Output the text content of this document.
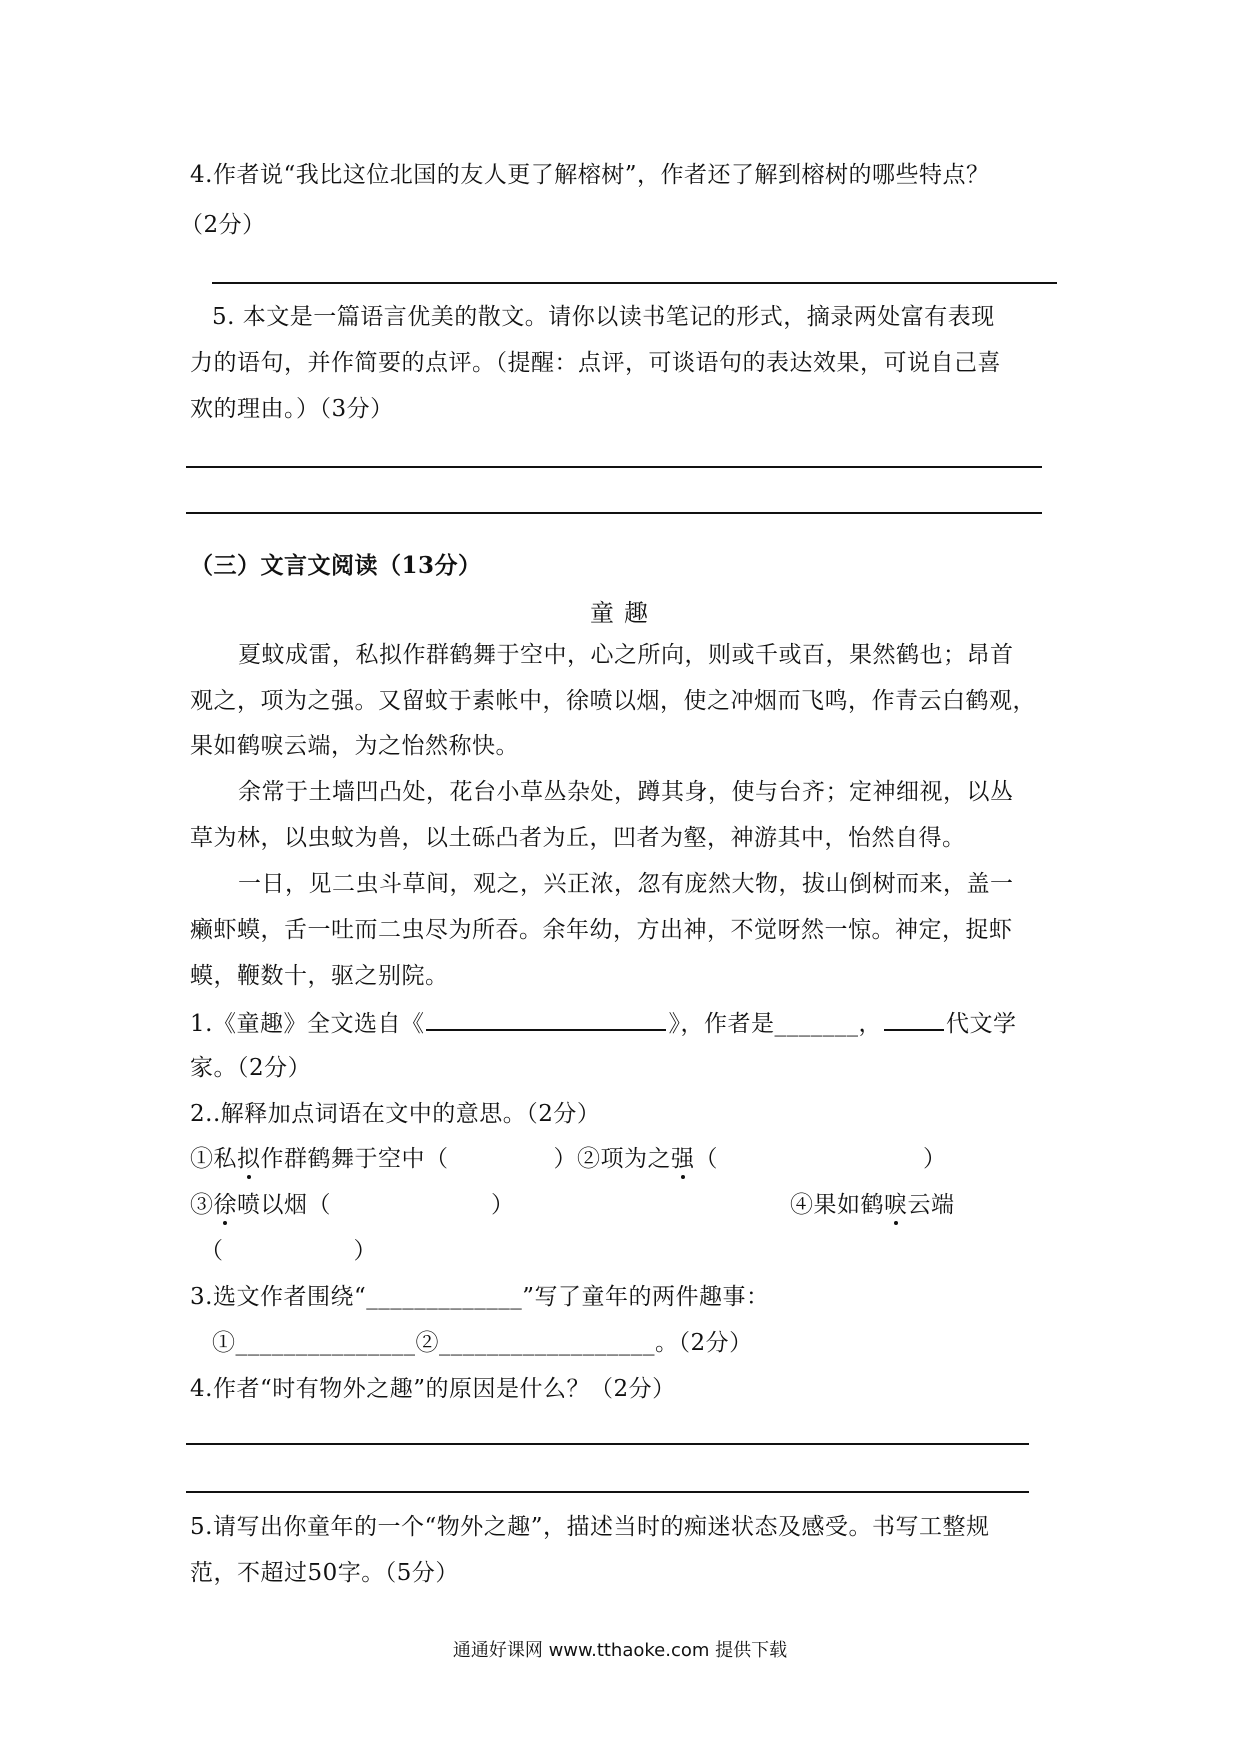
4.作者说“我比这位北国的友人更了解榕树”，作者还了解到榕树的哪些特点？
（2分）
5. 本文是一篇语言优美的散文。请你以读书笔记的形式，摘录两处富有表现
力的语句，并作简要的点评。（提醒：点评，可谈语句的表达效果，可说自己喜
欢的理由。）（3分）
（三）文言文阅读（13分）
童趣
夏蚊成雷，私拟作群鹤舞于空中，心之所向，则或千或百，果然鹤也；昂首
观之，项为之强。又留蚊于素帐中，徐喷以烟，使之冲烟而飞鸣，作青云白鹤观，
果如鹤唳云端，为之怡然称快。
余常于土墙凹凸处，花台小草丛杂处，蹲其身，使与台齐；定神细视，以丛
草为林，以虫蚊为兽，以土砾凸者为丘，凹者为壑，神游其中，怡然自得。
一日，见二虫斗草间，观之，兴正浓，忽有庞然大物，拔山倒树而来，盖一
癞虾蟆，舌一吐而二虫尽为所吞。余年幼，方出神，不觉呀然一惊。神定，捉虾
蟆，鞭数十，驱之别院。
1.《童趣》全文选自《	》，作者是_______，	代文学
家。（2分）
2..解释加点词语在文中的意思。（2分）
①私拟作群鹤舞于空中（	）②项为之强（	）
③徐喷以烟（	）	④果如鹤唳云端
（	）
3.选文作者围绕“_____________”写了童年的两件趣事：
①_______________②__________________。（2分）
4.作者“时有物外之趣”的原因是什么？（2分）
5.请写出你童年的一个“物外之趣”，描述当时的痴迷状态及感受。书写工整规
范，不超过50字。（5分）
通通好课网 www.tthaoke.com 提供下载
